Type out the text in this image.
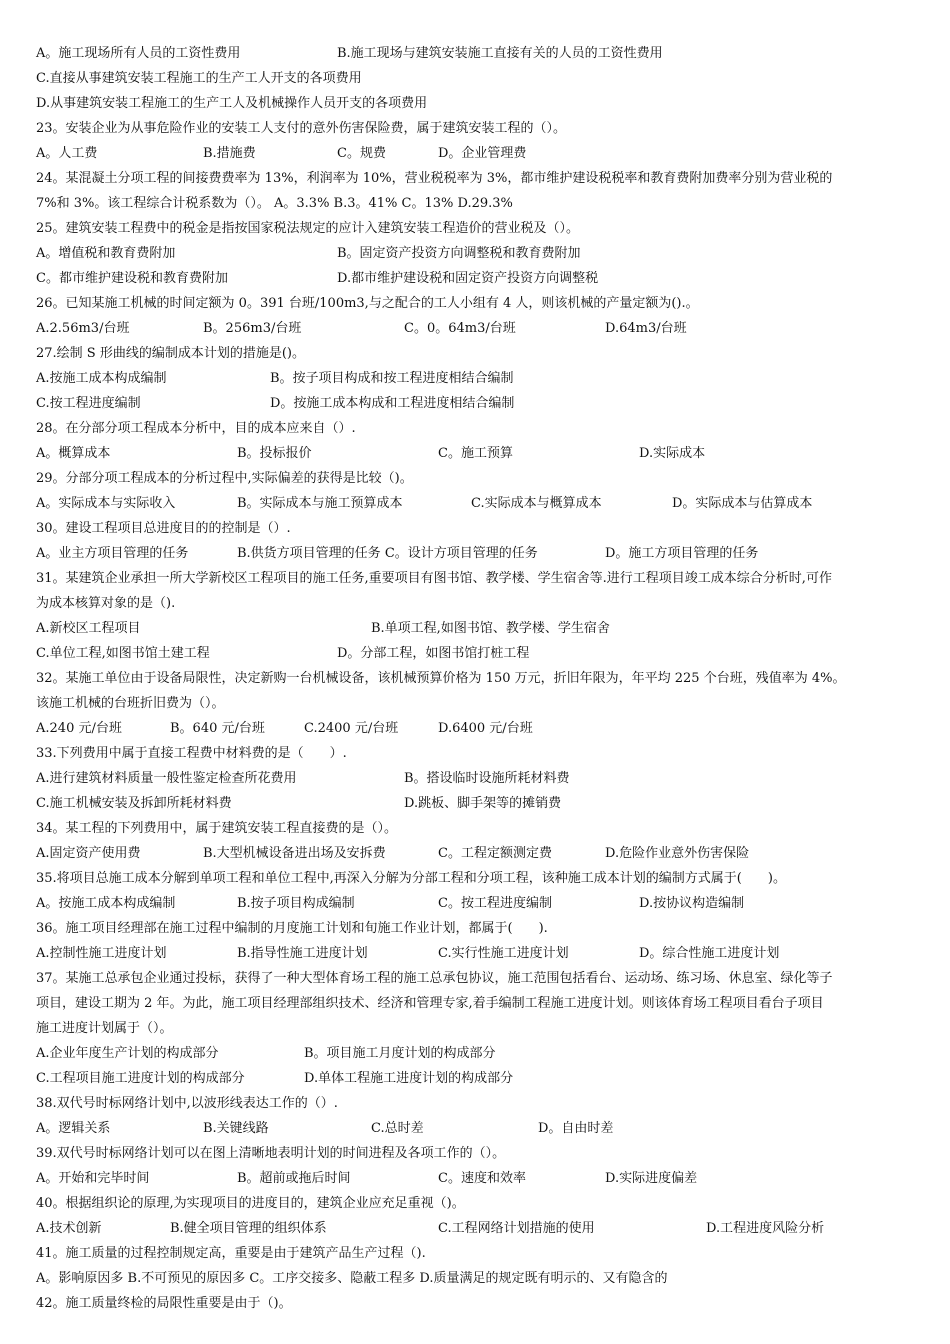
A。施工现场所有人员的工资性费用	B.施工现场与建筑安装施工直接有关的人员的工资性费用
C.直接从事建筑安装工程施工的生产工人开支的各项费用
D.从事建筑安装工程施工的生产工人及机械操作人员开支的各项费用
23。安装企业为从事危险作业的安装工人支付的意外伤害保险费，属于建筑安装工程的（）。
A。人工费	B.措施费	C。规费	D。企业管理费
24。某混凝土分项工程的间接费费率为 13%，利润率为 10%，营业税税率为 3%，都市维护建设税税率和教育费附加费率分别为营业税的
7%和 3%。该工程综合计税系数为（）。 A。3.3% B.3。41% C。13% D.29.3%
25。建筑安装工程费中的税金是指按国家税法规定的应计入建筑安装工程造价的营业税及（）。
A。增值税和教育费附加	B。固定资产投资方向调整税和教育费附加
C。都市维护建设税和教育费附加	D.都市维护建设税和固定资产投资方向调整税
26。已知某施工机械的时间定额为 0。391 台班/100m3,与之配合的工人小组有 4 人，则该机械的产量定额为().。
A.2.56m3/台班	B。256m3/台班	C。0。64m3/台班	D.64m3/台班
27.绘制 S 形曲线的编制成本计划的措施是()。
A.按施工成本构成编制	B。按子项目构成和按工程进度相结合编制
C.按工程进度编制	D。按施工成本构成和工程进度相结合编制
28。在分部分项工程成本分析中，目的成本应来自（）.
A。概算成本	B。投标报价	C。施工预算	D.实际成本
29。分部分项工程成本的分析过程中,实际偏差的获得是比较（)。
A。实际成本与实际收入	B。实际成本与施工预算成本	C.实际成本与概算成本	D。实际成本与估算成本
30。建设工程项目总进度目的的控制是（）.
A。业主方项目管理的任务	B.供货方项目管理的任务 C。设计方项目管理的任务	D。施工方项目管理的任务
31。某建筑企业承担一所大学新校区工程项目的施工任务,重要项目有图书馆、教学楼、学生宿舍等.进行工程项目竣工成本综合分析时,可作
为成本核算对象的是（).
A.新校区工程项目	B.单项工程,如图书馆、教学楼、学生宿舍
C.单位工程,如图书馆土建工程	D。分部工程，如图书馆打桩工程
32。某施工单位由于设备局限性，决定新购一台机械设备，该机械预算价格为 150 万元，折旧年限为，年平均 225 个台班，残值率为 4%。
该施工机械的台班折旧费为（）。
A.240 元/台班	B。640 元/台班	C.2400 元/台班	D.6400 元/台班
33.下列费用中属于直接工程费中材料费的是（　　）.
A.进行建筑材料质量一般性鉴定检查所花费用	B。搭设临时设施所耗材料费
C.施工机械安装及拆卸所耗材料费	D.跳板、脚手架等的摊销费
34。某工程的下列费用中，属于建筑安装工程直接费的是（）。
A.固定资产使用费	B.大型机械设备进出场及安拆费	C。工程定额测定费	D.危险作业意外伤害保险
35.将项目总施工成本分解到单项工程和单位工程中,再深入分解为分部工程和分项工程，该种施工成本计划的编制方式属于(　　)。
A。按施工成本构成编制	B.按子项目构成编制	C。按工程进度编制	D.按协议构造编制
36。施工项目经理部在施工过程中编制的月度施工计划和旬施工作业计划，都属于(　　).
A.控制性施工进度计划	B.指导性施工进度计划	C.实行性施工进度计划	D。综合性施工进度计划
37。某施工总承包企业通过投标，获得了一种大型体育场工程的施工总承包协议，施工范围包括看台、运动场、练习场、休息室、绿化等子
项目，建设工期为 2 年。为此，施工项目经理部组织技术、经济和管理专家,着手编制工程施工进度计划。则该体育场工程项目看台子项目
施工进度计划属于（）。
A.企业年度生产计划的构成部分	B。项目施工月度计划的构成部分
C.工程项目施工进度计划的构成部分	D.单体工程施工进度计划的构成部分
38.双代号时标网络计划中,以波形线表达工作的（）.
A。逻辑关系	B.关键线路	C.总时差	D。自由时差
39.双代号时标网络计划可以在图上清晰地表明计划的时间进程及各项工作的（）。
A。开始和完毕时间	B。超前或拖后时间	C。速度和效率	D.实际进度偏差
40。根据组织论的原理,为实现项目的进度目的，建筑企业应充足重视（)。
A.技术创新	B.健全项目管理的组织体系	C.工程网络计划措施的使用	D.工程进度风险分析
41。施工质量的过程控制规定高，重要是由于建筑产品生产过程（).
A。影响原因多 B.不可预见的原因多 C。工序交接多、隐蔽工程多 D.质量满足的规定既有明示的、又有隐含的
42。施工质量终检的局限性重要是由于（)。
